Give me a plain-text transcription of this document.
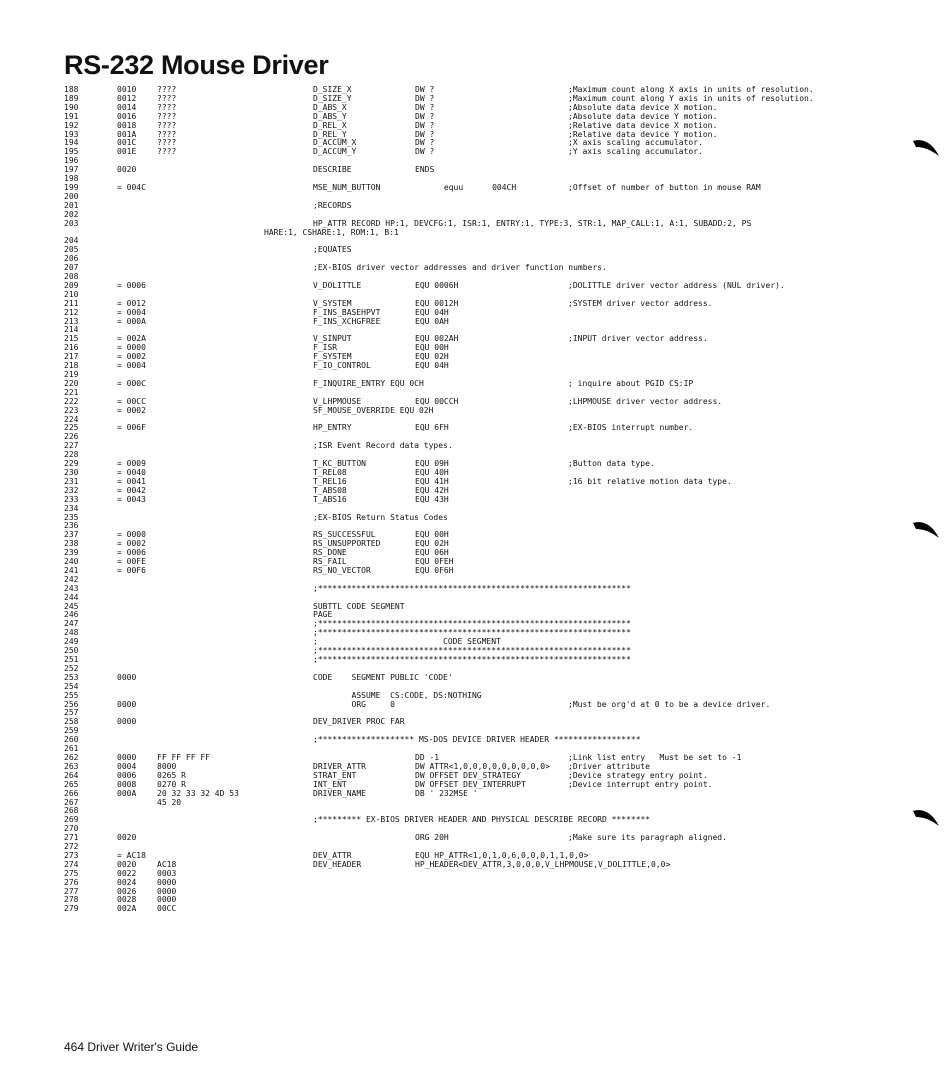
RS-232 Mouse Driver
188	0010	????	D_SIZE_X	DW ?	;Maximum count along X axis in units of resolution.
189	0012	????	D_SIZE_Y	DW ?	;Maximum count along Y axis in units of resolution.
190	0014	????	D_ABS_X	DW ?	;Absolute data device X motion.
191	0016	????	D_ABS_Y	DW ?	;Absolute data device Y motion.
192	0018	????	D_REL_X	DW ?	;Relative data device X motion.
193	001A	????	D_REL_Y	DW ?	;Relative data device Y motion.
194	001C	????	D_ACCUM_X	DW ?	;X axis scaling accumulator.
195	001E	????	D_ACCUM_Y	DW ?	;Y axis scaling accumulator.
196
197	0020	DESCRIBE	ENDS
198
199	= 004C	MSE_NUM_BUTTON	equu      004CH	;Offset of number of button in mouse RAM
200
201	;RECORDS
202
203	HP_ATTR RECORD HP:1, DEVCFG:1, ISR:1, ENTRY:1, TYPE:3, STR:1, MAP_CALL:1, A:1, SUBADD:2, PS
HARE:1, CSHARE:1, ROM:1, B:1
204
205	;EQUATES
206
207	;EX-BIOS driver vector addresses and driver function numbers.
208
209	= 0006	V_DOLITTLE	EQU 0006H	;DOLITTLE driver vector address (NUL driver).
210
211	= 0012	V_SYSTEM	EQU 0012H	;SYSTEM driver vector address.
212	= 0004	F_INS_BASEHPVT	EQU 04H
213	= 000A	F_INS_XCHGFREE	EQU 0AH
214
215	= 002A	V_SINPUT	EQU 002AH	;INPUT driver vector address.
216	= 0000	F_ISR	EQU 00H
217	= 0002	F_SYSTEM	EQU 02H
218	= 0004	F_IO_CONTROL	EQU 04H
219
220	= 000C	F_INQUIRE_ENTRY EQU 0CH	; inquire about PGID CS:IP
221
222	= 00CC	V_LHPMOUSE	EQU 00CCH	;LHPMOUSE driver vector address.
223	= 0002	SF_MOUSE_OVERRIDE EQU 02H
224
225	= 006F	HP_ENTRY	EQU 6FH	;EX-BIOS interrupt number.
226
227	;ISR Event Record data types.
228
229	= 0009	T_KC_BUTTON	EQU 09H	;Button data type.
230	= 0040	T_REL08	EQU 40H
231	= 0041	T_REL16	EQU 41H	;16 bit relative motion data type.
232	= 0042	T_ABS08	EQU 42H
233	= 0043	T_ABS16	EQU 43H
234
235	;EX-BIOS Return Status Codes
236
237	= 0000	RS_SUCCESSFUL	EQU 00H
238	= 0002	RS_UNSUPPORTED	EQU 02H
239	= 0006	RS_DONE	EQU 06H
240	= 00FE	RS_FAIL	EQU 0FEH
241	= 00F6	RS_NO_VECTOR	EQU 0F6H
242
243	;*****************************************************************
244
245	SUBTTL CODE SEGMENT
246	PAGE
247	;*****************************************************************
248	;*****************************************************************
249	;                          CODE SEGMENT
250	;*****************************************************************
251	;*****************************************************************
252
253	0000	CODE    SEGMENT PUBLIC 'CODE'
254
255	ASSUME  CS:CODE, DS:NOTHING
256	0000	ORG     0	;Must be org'd at 0 to be a device driver.
257
258	0000	DEV_DRIVER PROC FAR
259
260	;******************** MS-DOS DEVICE DRIVER HEADER ******************
261
262	0000	FF FF FF FF	DD -1	;Link list entry   Must be set to -1
263	0004	8000	DRIVER_ATTR	DW ATTR<1,0,0,0,0,0,0,0,0,0> ;Driver attribute
264	0006	0265 R	STRAT_ENT	DW OFFSET DEV_STRATEGY	;Device strategy entry point.
265	0008	0270 R	INT_ENT	DW OFFSET DEV_INTERRUPT	;Device interrupt entry point.
266	000A	20 32 33 32 4D 53	DRIVER_NAME	DB ' 232MSE '
267	45 20
268
269	;********* EX-BIOS DRIVER HEADER AND PHYSICAL DESCRIBE RECORD ********
270
271	0020	ORG 20H	;Make sure its paragraph aligned.
272
273	= AC18	DEV_ATTR	EQU HP_ATTR<1,0,1,0,6,0,0,0,1,1,0,0>
274	0020	AC18	DEV_HEADER	HP_HEADER<DEV_ATTR,3,0,0,0,V_LHPMOUSE,V_DOLITTLE,0,0>
275	0022	0003
276	0024	0000
277	0026	0000
278	0028	0000
279	002A	00CC

464 Driver Writer's Guide
